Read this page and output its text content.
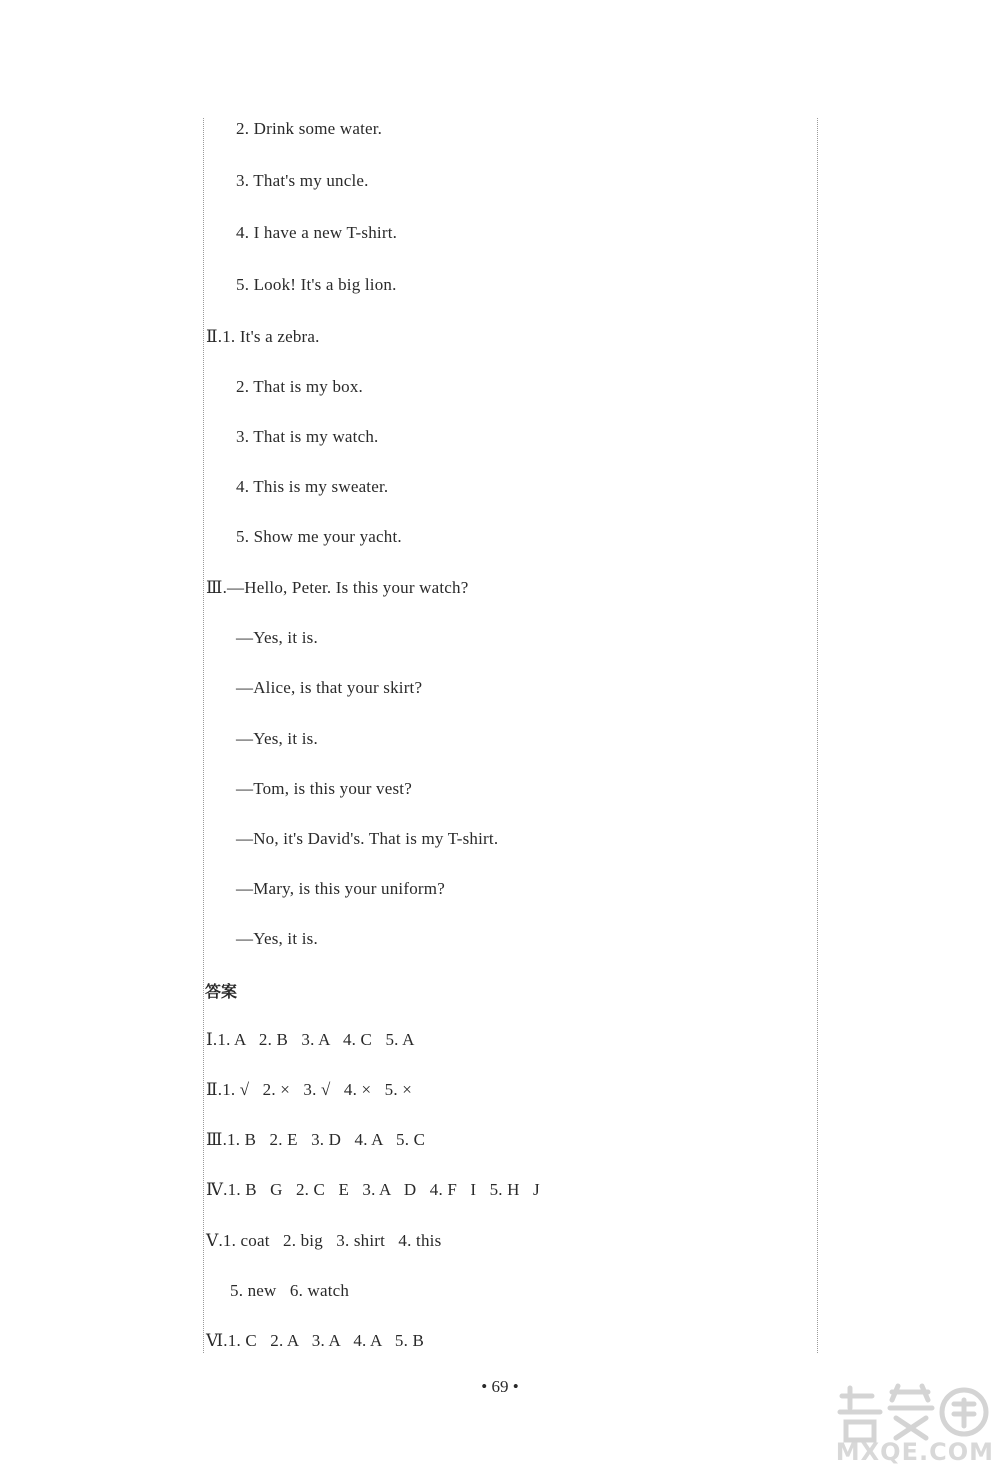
2. Drink some water.
3. That's my uncle.
4. I have a new T-shirt.
5. Look! It's a big lion.
Ⅱ.1. It's a zebra.
2. That is my box.
3. That is my watch.
4. This is my sweater.
5. Show me your yacht.
Ⅲ.—Hello, Peter. Is this your watch?
—Yes, it is.
—Alice, is that your skirt?
—Yes, it is.
—Tom, is this your vest?
—No, it's David's. That is my T-shirt.
—Mary, is this your uniform?
—Yes, it is.
答案
Ⅰ.1. A   2. B   3. A   4. C   5. A
Ⅱ.1. √   2. ×   3. √   4. ×   5. ×
Ⅲ.1. B   2. E   3. D   4. A   5. C
Ⅳ.1. B   G   2. C   E   3. A   D   4. F   I   5. H   J
Ⅴ.1. coat   2. big   3. shirt   4. this
5. new   6. watch
Ⅵ.1. C   2. A   3. A   4. A   5. B
• 69 •
MXQE.COM
